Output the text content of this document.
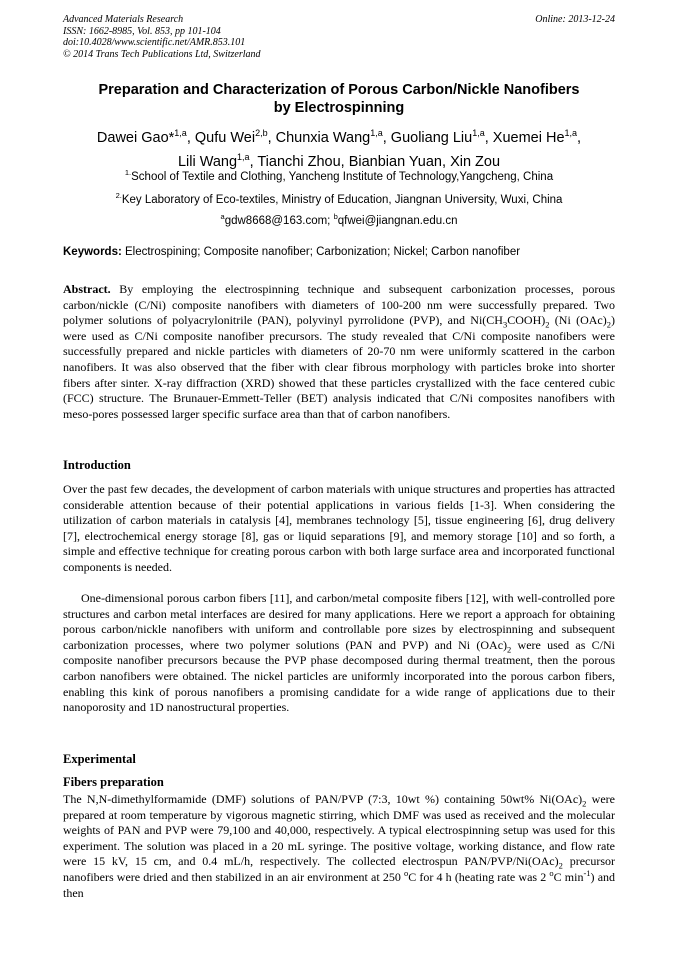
Advanced Materials Research
ISSN: 1662-8985, Vol. 853, pp 101-104
doi:10.4028/www.scientific.net/AMR.853.101
© 2014 Trans Tech Publications Ltd, Switzerland
Online: 2013-12-24
Preparation and Characterization of Porous Carbon/Nickle Nanofibers
by Electrospinning
Dawei Gao*$^{1,a}$, Qufu Wei$^{2,b}$, Chunxia Wang$^{1,a}$, Guoliang Liu$^{1,a}$, Xuemei He$^{1,a}$,
Lili Wang$^{1,a}$, Tianchi Zhou, Bianbian Yuan, Xin Zou
$^{1.}$School of Textile and Clothing, Yancheng Institute of Technology,Yangcheng, China
$^{2.}$Key Laboratory of Eco-textiles, Ministry of Education, Jiangnan University, Wuxi, China
$^a$gdw8668@163.com; $^b$qfwei@jiangnan.edu.cn
Keywords: Electrospining; Composite nanofiber; Carbonization; Nickel; Carbon nanofiber
Abstract. By employing the electrospinning technique and subsequent carbonization processes, porous carbon/nickle (C/Ni) composite nanofibers with diameters of 100-200 nm were successfully prepared. Two polymer solutions of polyacrylonitrile (PAN), polyvinyl pyrrolidone (PVP), and $Ni(CH_3COOH)_2$ (Ni $(OAc)_2$) were used as C/Ni composite nanofiber precursors. The study revealed that C/Ni composite nanofibers were successfully prepared and nickle particles with diameters of 20-70 nm were uniformly scattered in the carbon nanofibers. It was also observed that the fiber with clear fibrous morphology with particles broke into shorter fibers after sinter. X-ray diffraction (XRD) showed that these particles crystallized with the face centered cubic (FCC) structure. The Brunauer-Emmett-Teller (BET) analysis indicated that C/Ni composites nanofibers with meso-pores possessed larger specific surface area than that of carbon nanofibers.
Introduction
Over the past few decades, the development of carbon materials with unique structures and properties has attracted considerable attention because of their potential applications in various fields [1-3]. When considering the utilization of carbon materials in catalysis [4], membranes technology [5], tissue engineering [6], drug delivery [7], electrochemical energy storage [8], gas or liquid separations [9], and memory storage [10] and so forth, a simple and effective technique for creating porous carbon with both large surface area and incorporated functional components is needed.
One-dimensional porous carbon fibers [11], and carbon/metal composite fibers [12], with well-controlled pore structures and carbon metal interfaces are desired for many applications. Here we report a approach for obtaining porous carbon/nickle nanofibers with uniform and controllable pore sizes by electrospinning and subsequent carbonization processes, where two polymer solutions (PAN and PVP) and Ni $(OAc)_2$ were used as C/Ni composite nanofiber precursors because the PVP phase decomposed during thermal treatment, then the porous carbon nanofibers were obtained. The nickel particles are uniformly incorporated into the porous carbon fibers, enabling this kink of porous nanofibers a promising candidate for a wide range of applications due to their nanoporosity and 1D nanostructural properties.
Experimental
Fibers preparation
The N,N-dimethylformamide (DMF) solutions of PAN/PVP (7:3, 10wt %) containing 50wt% $Ni(OAc)_2$ were prepared at room temperature by vigorous magnetic stirring, which DMF was used as received and the molecular weights of PAN and PVP were 79,100 and 40,000, respectively. A typical electrospinning setup was used for this experiment. The solution was placed in a 20 mL syringe. The positive voltage, working distance, and flow rate were 15 kV, 15 cm, and 0.4 mL/h, respectively. The collected electrospun PAN/$PVP/Ni(OAc)_2$ precursor nanofibers were dried and then stabilized in an air environment at 250 $^o$C for 4 h (heating rate was 2 $^o$C $\min^{-1}$) and then
